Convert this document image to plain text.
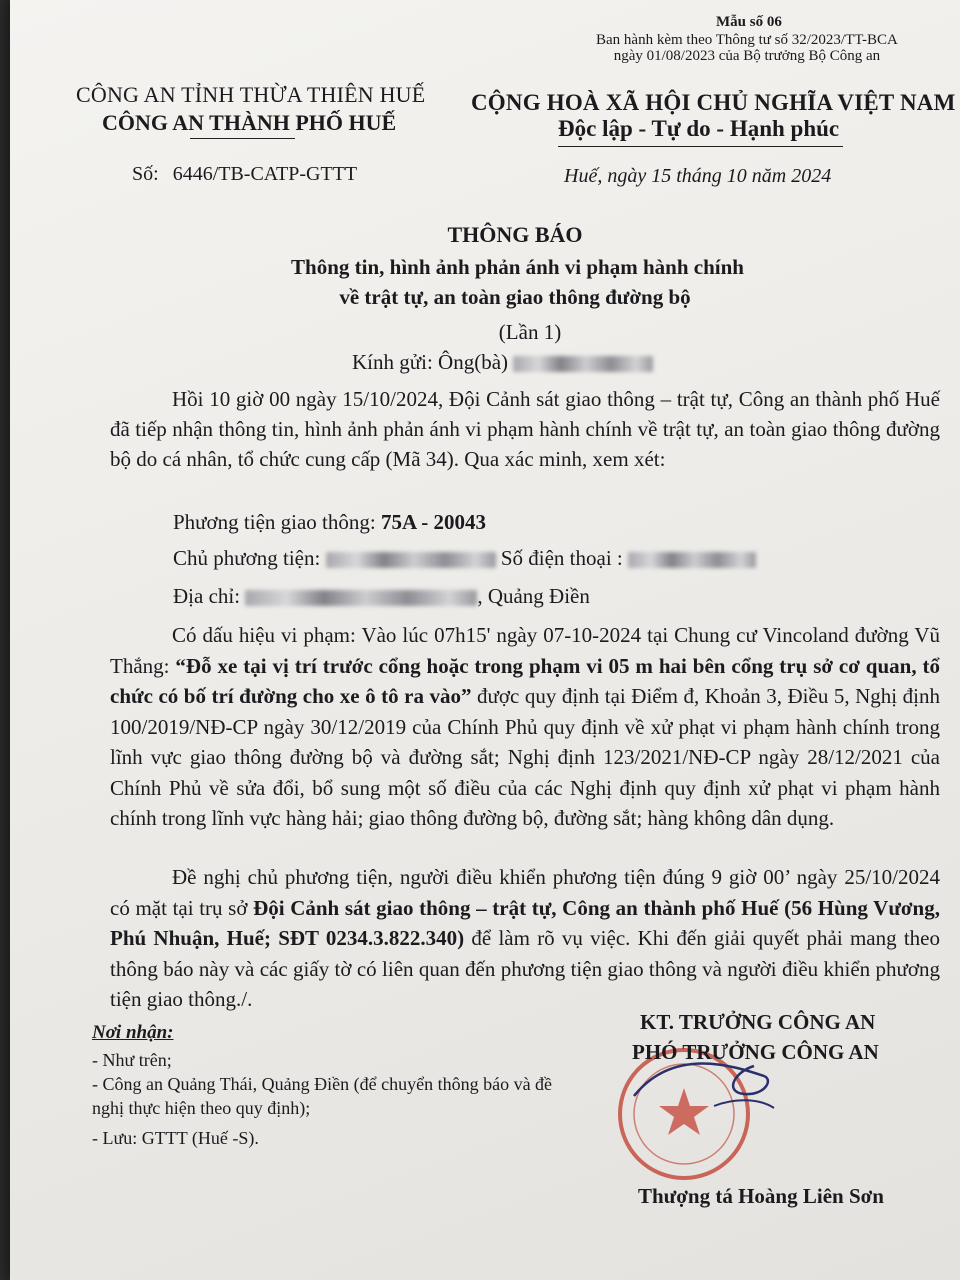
Mẫu số 06
Ban hành kèm theo Thông tư số 32/2023/TT-BCA
ngày 01/08/2023 của Bộ trưởng Bộ Công an
CÔNG AN TỈNH THỪA THIÊN HUẾ
CÔNG AN THÀNH PHỐ HUẾ
CỘNG HOÀ XÃ HỘI CHỦ NGHĨA VIỆT NAM
Độc lập - Tự do - Hạnh phúc
Số: 6446/TB-CATP-GTTT	Huế, ngày 15 tháng 10 năm 2024
THÔNG BÁO
Thông tin, hình ảnh phản ánh vi phạm hành chính
về trật tự, an toàn giao thông đường bộ
(Lần 1)
Kính gửi: Ông(bà)
Hồi 10 giờ 00 ngày 15/10/2024, Đội Cảnh sát giao thông – trật tự, Công an thành phố Huế đã tiếp nhận thông tin, hình ảnh phản ánh vi phạm hành chính về trật tự, an toàn giao thông đường bộ do cá nhân, tổ chức cung cấp (Mã 34). Qua xác minh, xem xét:
Phương tiện giao thông: 75A - 20043
Chủ phương tiện:	Số điện thoại :
Địa chỉ:	, Quảng Điền
Có dấu hiệu vi phạm: Vào lúc 07h15' ngày 07-10-2024 tại Chung cư Vincoland đường Vũ Thắng: “Đỗ xe tại vị trí trước cổng hoặc trong phạm vi 05 m hai bên cổng trụ sở cơ quan, tổ chức có bố trí đường cho xe ô tô ra vào” được quy định tại Điểm đ, Khoản 3, Điều 5, Nghị định 100/2019/NĐ-CP ngày 30/12/2019 của Chính Phủ quy định về xử phạt vi phạm hành chính trong lĩnh vực giao thông đường bộ và đường sắt; Nghị định 123/2021/NĐ-CP ngày 28/12/2021 của Chính Phủ về sửa đổi, bổ sung một số điều của các Nghị định quy định xử phạt vi phạm hành chính trong lĩnh vực hàng hải; giao thông đường bộ, đường sắt; hàng không dân dụng.
Đề nghị chủ phương tiện, người điều khiển phương tiện đúng 9 giờ 00’ ngày 25/10/2024 có mặt tại trụ sở Đội Cảnh sát giao thông – trật tự, Công an thành phố Huế (56 Hùng Vương, Phú Nhuận, Huế; SĐT 0234.3.822.340) để làm rõ vụ việc. Khi đến giải quyết phải mang theo thông báo này và các giấy tờ có liên quan đến phương tiện giao thông và người điều khiển phương tiện giao thông./.
Nơi nhận:
- Như trên;
- Công an Quảng Thái, Quảng Điền (để chuyển thông báo và đề nghị thực hiện theo quy định);
- Lưu: GTTT (Huế -S).
KT. TRƯỞNG CÔNG AN
PHÓ TRƯỞNG CÔNG AN
Thượng tá Hoàng Liên Sơn
